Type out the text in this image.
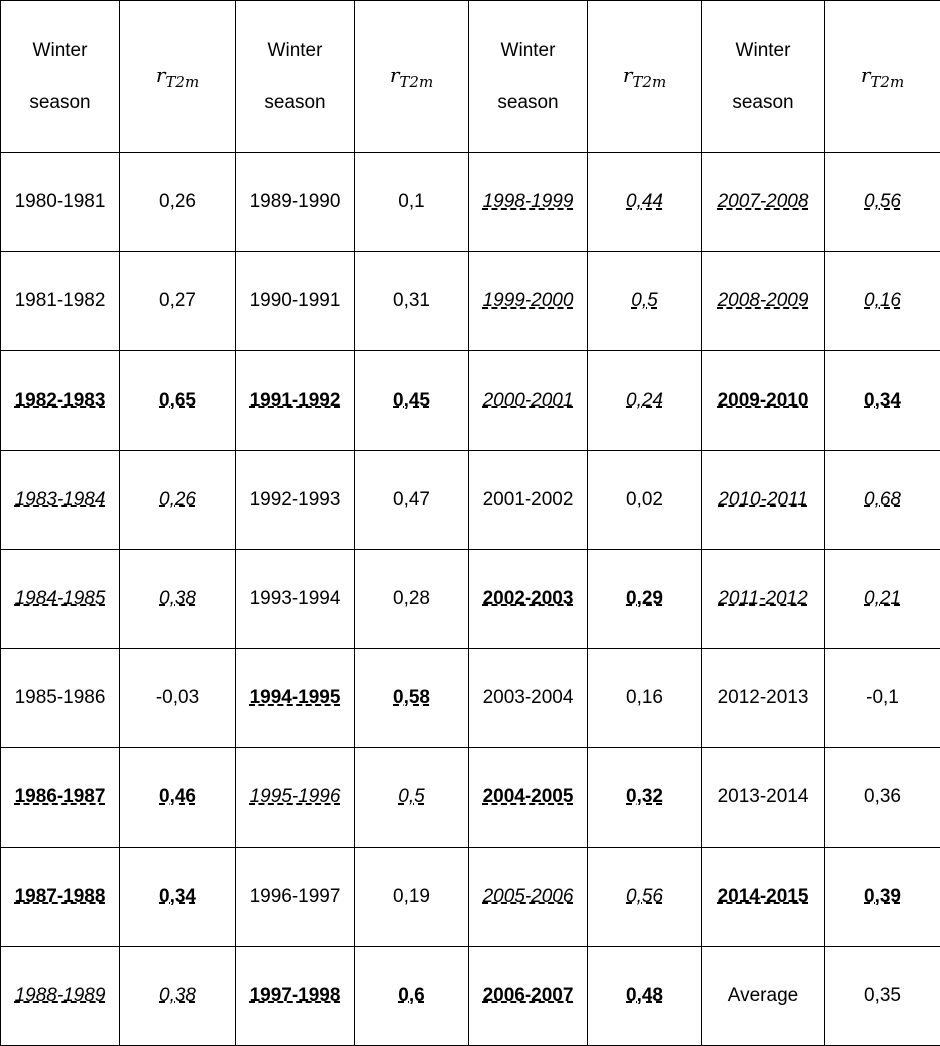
Winter season	$r_{T2m}$	Winter season	$r_{T2m}$	Winter season	$r_{T2m}$	Winter season	$r_{T2m}$
1980-1981	0,26	1989-1990	0,1	1998-1999	0,44	2007-2008	0,56
1981-1982	0,27	1990-1991	0,31	1999-2000	0,5	2008-2009	0,16
1982-1983	0,65	1991-1992	0,45	2000-2001	0,24	2009-2010	0,34
1983-1984	0,26	1992-1993	0,47	2001-2002	0,02	2010-2011	0,68
1984-1985	0,38	1993-1994	0,28	2002-2003	0,29	2011-2012	0,21
1985-1986	-0,03	1994-1995	0,58	2003-2004	0,16	2012-2013	-0,1
1986-1987	0,46	1995-1996	0,5	2004-2005	0,32	2013-2014	0,36
1987-1988	0,34	1996-1997	0,19	2005-2006	0,56	2014-2015	0,39
1988-1989	0,38	1997-1998	0,6	2006-2007	0,48	Average	0,35
